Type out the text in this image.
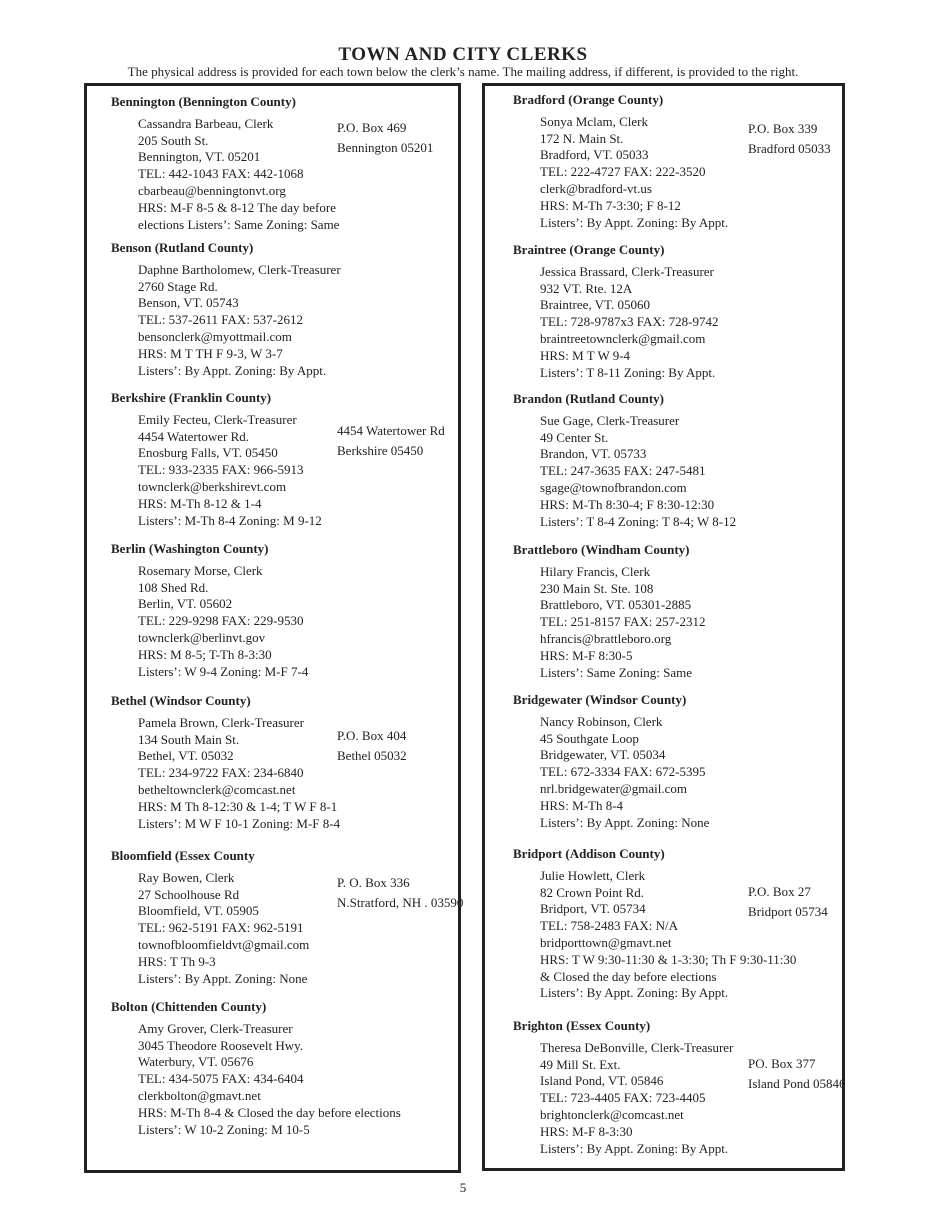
TOWN AND CITY CLERKS
The physical address is provided for each town below the clerk’s name. The mailing address, if different, is provided to the right.
Bennington (Bennington County)
Cassandra Barbeau, Clerk
205 South St.
Bennington, VT. 05201
TEL: 442-1043 FAX: 442-1068
cbarbeau@benningtonvt.org
HRS: M-F 8-5 & 8-12 The day before
elections Listers’: Same Zoning: Same
P.O. Box 469
Bennington 05201
Benson (Rutland County)
Daphne Bartholomew, Clerk-Treasurer
2760 Stage Rd.
Benson, VT. 05743
TEL: 537-2611 FAX: 537-2612
bensonclerk@myottmail.com
HRS: M T TH F 9-3, W 3-7
Listers’: By Appt. Zoning: By Appt.
Berkshire (Franklin County)
Emily Fecteu, Clerk-Treasurer
4454 Watertower Rd.
Enosburg Falls, VT. 05450
TEL: 933-2335 FAX: 966-5913
townclerk@berkshirevt.com
HRS: M-Th 8-12 & 1-4
Listers’: M-Th 8-4 Zoning: M 9-12
4454 Watertower Rd
Berkshire 05450
Berlin (Washington County)
Rosemary Morse, Clerk
108 Shed Rd.
Berlin, VT. 05602
TEL: 229-9298 FAX: 229-9530
townclerk@berlinvt.gov
HRS: M 8-5; T-Th 8-3:30
Listers’: W 9-4 Zoning: M-F 7-4
Bethel (Windsor County)
Pamela Brown, Clerk-Treasurer
134 South Main St.
Bethel, VT. 05032
TEL: 234-9722 FAX: 234-6840
betheltownclerk@comcast.net
HRS: M Th 8-12:30 & 1-4; T W F 8-1
Listers’: M W F 10-1 Zoning: M-F 8-4
P.O. Box 404
Bethel 05032
Bloomfield (Essex County
Ray Bowen, Clerk
27 Schoolhouse Rd
Bloomfield, VT. 05905
TEL: 962-5191 FAX: 962-5191
townofbloomfieldvt@gmail.com
HRS: T Th 9-3
Listers’: By Appt. Zoning: None
P. O. Box 336
N.Stratford, NH . 03590
Bolton (Chittenden County)
Amy Grover, Clerk-Treasurer
3045 Theodore Roosevelt Hwy.
Waterbury, VT. 05676
TEL: 434-5075 FAX: 434-6404
clerkbolton@gmavt.net
HRS: M-Th 8-4 & Closed the day before elections
Listers’: W 10-2 Zoning: M 10-5
Bradford (Orange County)
Sonya Mclam, Clerk
172 N. Main St.
Bradford, VT. 05033
TEL: 222-4727 FAX: 222-3520
clerk@bradford-vt.us
HRS: M-Th 7-3:30; F 8-12
Listers’: By Appt. Zoning: By Appt.
P.O. Box 339
Bradford 05033
Braintree (Orange County)
Jessica Brassard, Clerk-Treasurer
932 VT. Rte. 12A
Braintree, VT. 05060
TEL: 728-9787x3 FAX: 728-9742
braintreetownclerk@gmail.com
HRS: M T W 9-4
Listers’: T 8-11 Zoning: By Appt.
Brandon (Rutland County)
Sue Gage, Clerk-Treasurer
49 Center St.
Brandon, VT. 05733
TEL: 247-3635 FAX: 247-5481
sgage@townofbrandon.com
HRS: M-Th 8:30-4; F 8:30-12:30
Listers’: T 8-4 Zoning: T 8-4; W 8-12
Brattleboro (Windham County)
Hilary Francis, Clerk
230 Main St. Ste. 108
Brattleboro, VT. 05301-2885
TEL: 251-8157 FAX: 257-2312
hfrancis@brattleboro.org
HRS: M-F 8:30-5
Listers’: Same Zoning: Same
Bridgewater (Windsor County)
Nancy Robinson, Clerk
45 Southgate Loop
Bridgewater, VT. 05034
TEL: 672-3334 FAX: 672-5395
nrl.bridgewater@gmail.com
HRS: M-Th 8-4
Listers’: By Appt. Zoning: None
Bridport (Addison County)
Julie Howlett, Clerk
82 Crown Point Rd.
Bridport, VT. 05734
TEL: 758-2483 FAX: N/A
bridporttown@gmavt.net
HRS: T W 9:30-11:30 & 1-3:30; Th F 9:30-11:30
& Closed the day before elections
Listers’: By Appt. Zoning: By Appt.
P.O. Box 27
Bridport 05734
Brighton (Essex County)
Theresa DeBonville, Clerk-Treasurer
49 Mill St. Ext.
Island Pond, VT. 05846
TEL: 723-4405 FAX: 723-4405
brightonclerk@comcast.net
HRS: M-F 8-3:30
Listers’: By Appt. Zoning: By Appt.
PO. Box 377
Island Pond 05846
5
